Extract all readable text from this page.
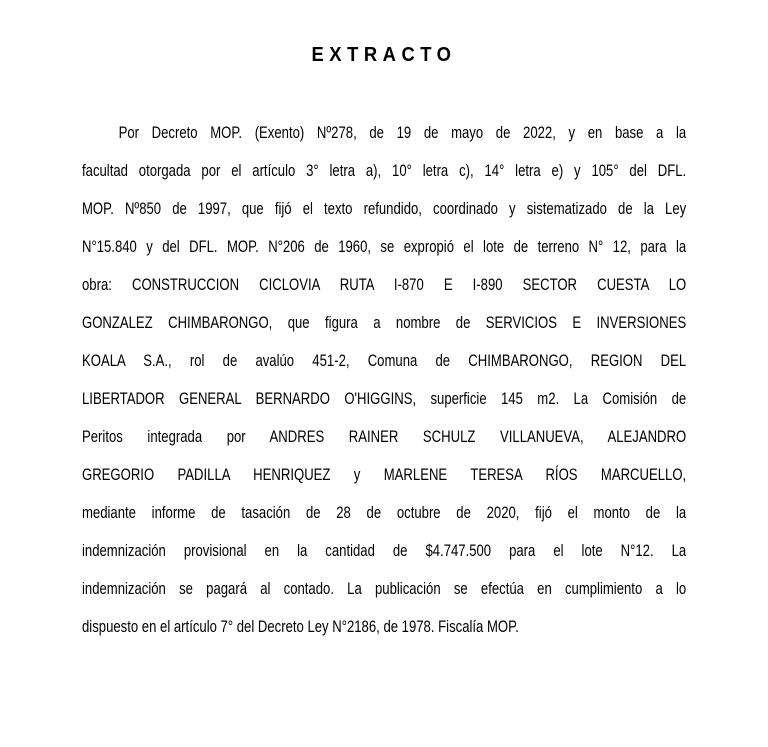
EXTRACTO
Por Decreto MOP. (Exento) Nº278, de 19 de mayo de 2022, y en base a la
facultad otorgada por el artículo 3° letra a), 10° letra c), 14° letra e) y 105° del DFL.
MOP. Nº850 de 1997, que fijó el texto refundido, coordinado y sistematizado de la Ley
N°15.840 y del DFL. MOP. N°206 de 1960, se expropió el lote de terreno N° 12, para la
obra: CONSTRUCCION CICLOVIA RUTA I-870 E I-890 SECTOR CUESTA LO
GONZALEZ CHIMBARONGO, que figura a nombre de SERVICIOS E INVERSIONES
KOALA S.A., rol de avalúo 451-2, Comuna de CHIMBARONGO, REGION DEL
LIBERTADOR GENERAL BERNARDO O'HIGGINS, superficie 145 m2. La Comisión de
Peritos integrada por ANDRES RAINER SCHULZ VILLANUEVA, ALEJANDRO
GREGORIO PADILLA HENRIQUEZ y MARLENE TERESA RÍOS MARCUELLO,
mediante informe de tasación de 28 de octubre de 2020, fijó el monto de la
indemnización provisional en la cantidad de $4.747.500 para el lote N°12. La
indemnización se pagará al contado. La publicación se efectúa en cumplimiento a lo
dispuesto en el artículo 7° del Decreto Ley N°2186, de 1978. Fiscalía MOP.
